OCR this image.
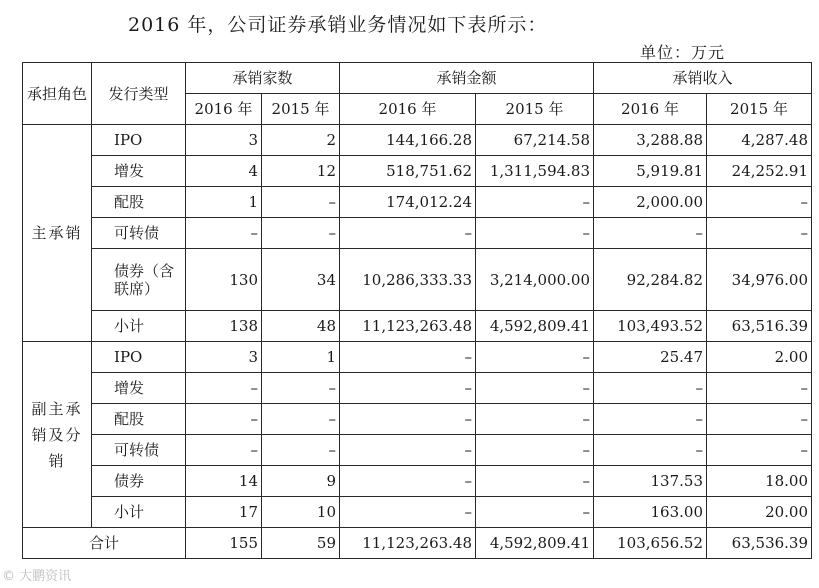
2016 年，公司证券承销业务情况如下表所示：
单位：万元
承担角色	发行类型	承销家数		承销金额		承销收入	
		2016 年	2015 年	2016 年	2015 年	2016 年	2015 年
主承销	IPO	3	2	144,166.28	67,214.58	3,288.88	4,287.48
	增发	4	12	518,751.62	1,311,594.83	5,919.81	24,252.91
	配股	1	–	174,012.24	–	2,000.00	–
	可转债	–	–	–	–	–	–
	债券（含联席）	130	34	10,286,333.33	3,214,000.00	92,284.82	34,976.00
	小计	138	48	11,123,263.48	4,592,809.41	103,493.52	63,516.39
副主承销及分销	IPO	3	1	–	–	25.47	2.00
	增发	–	–	–	–	–	–
	配股	–	–	–	–	–	–
	可转债	–	–	–	–	–	–
	债券	14	9	–	–	137.53	18.00
	小计	17	10	–	–	163.00	20.00
合计		155	59	11,123,263.48	4,592,809.41	103,656.52	63,536.39
© 大鹏资讯
